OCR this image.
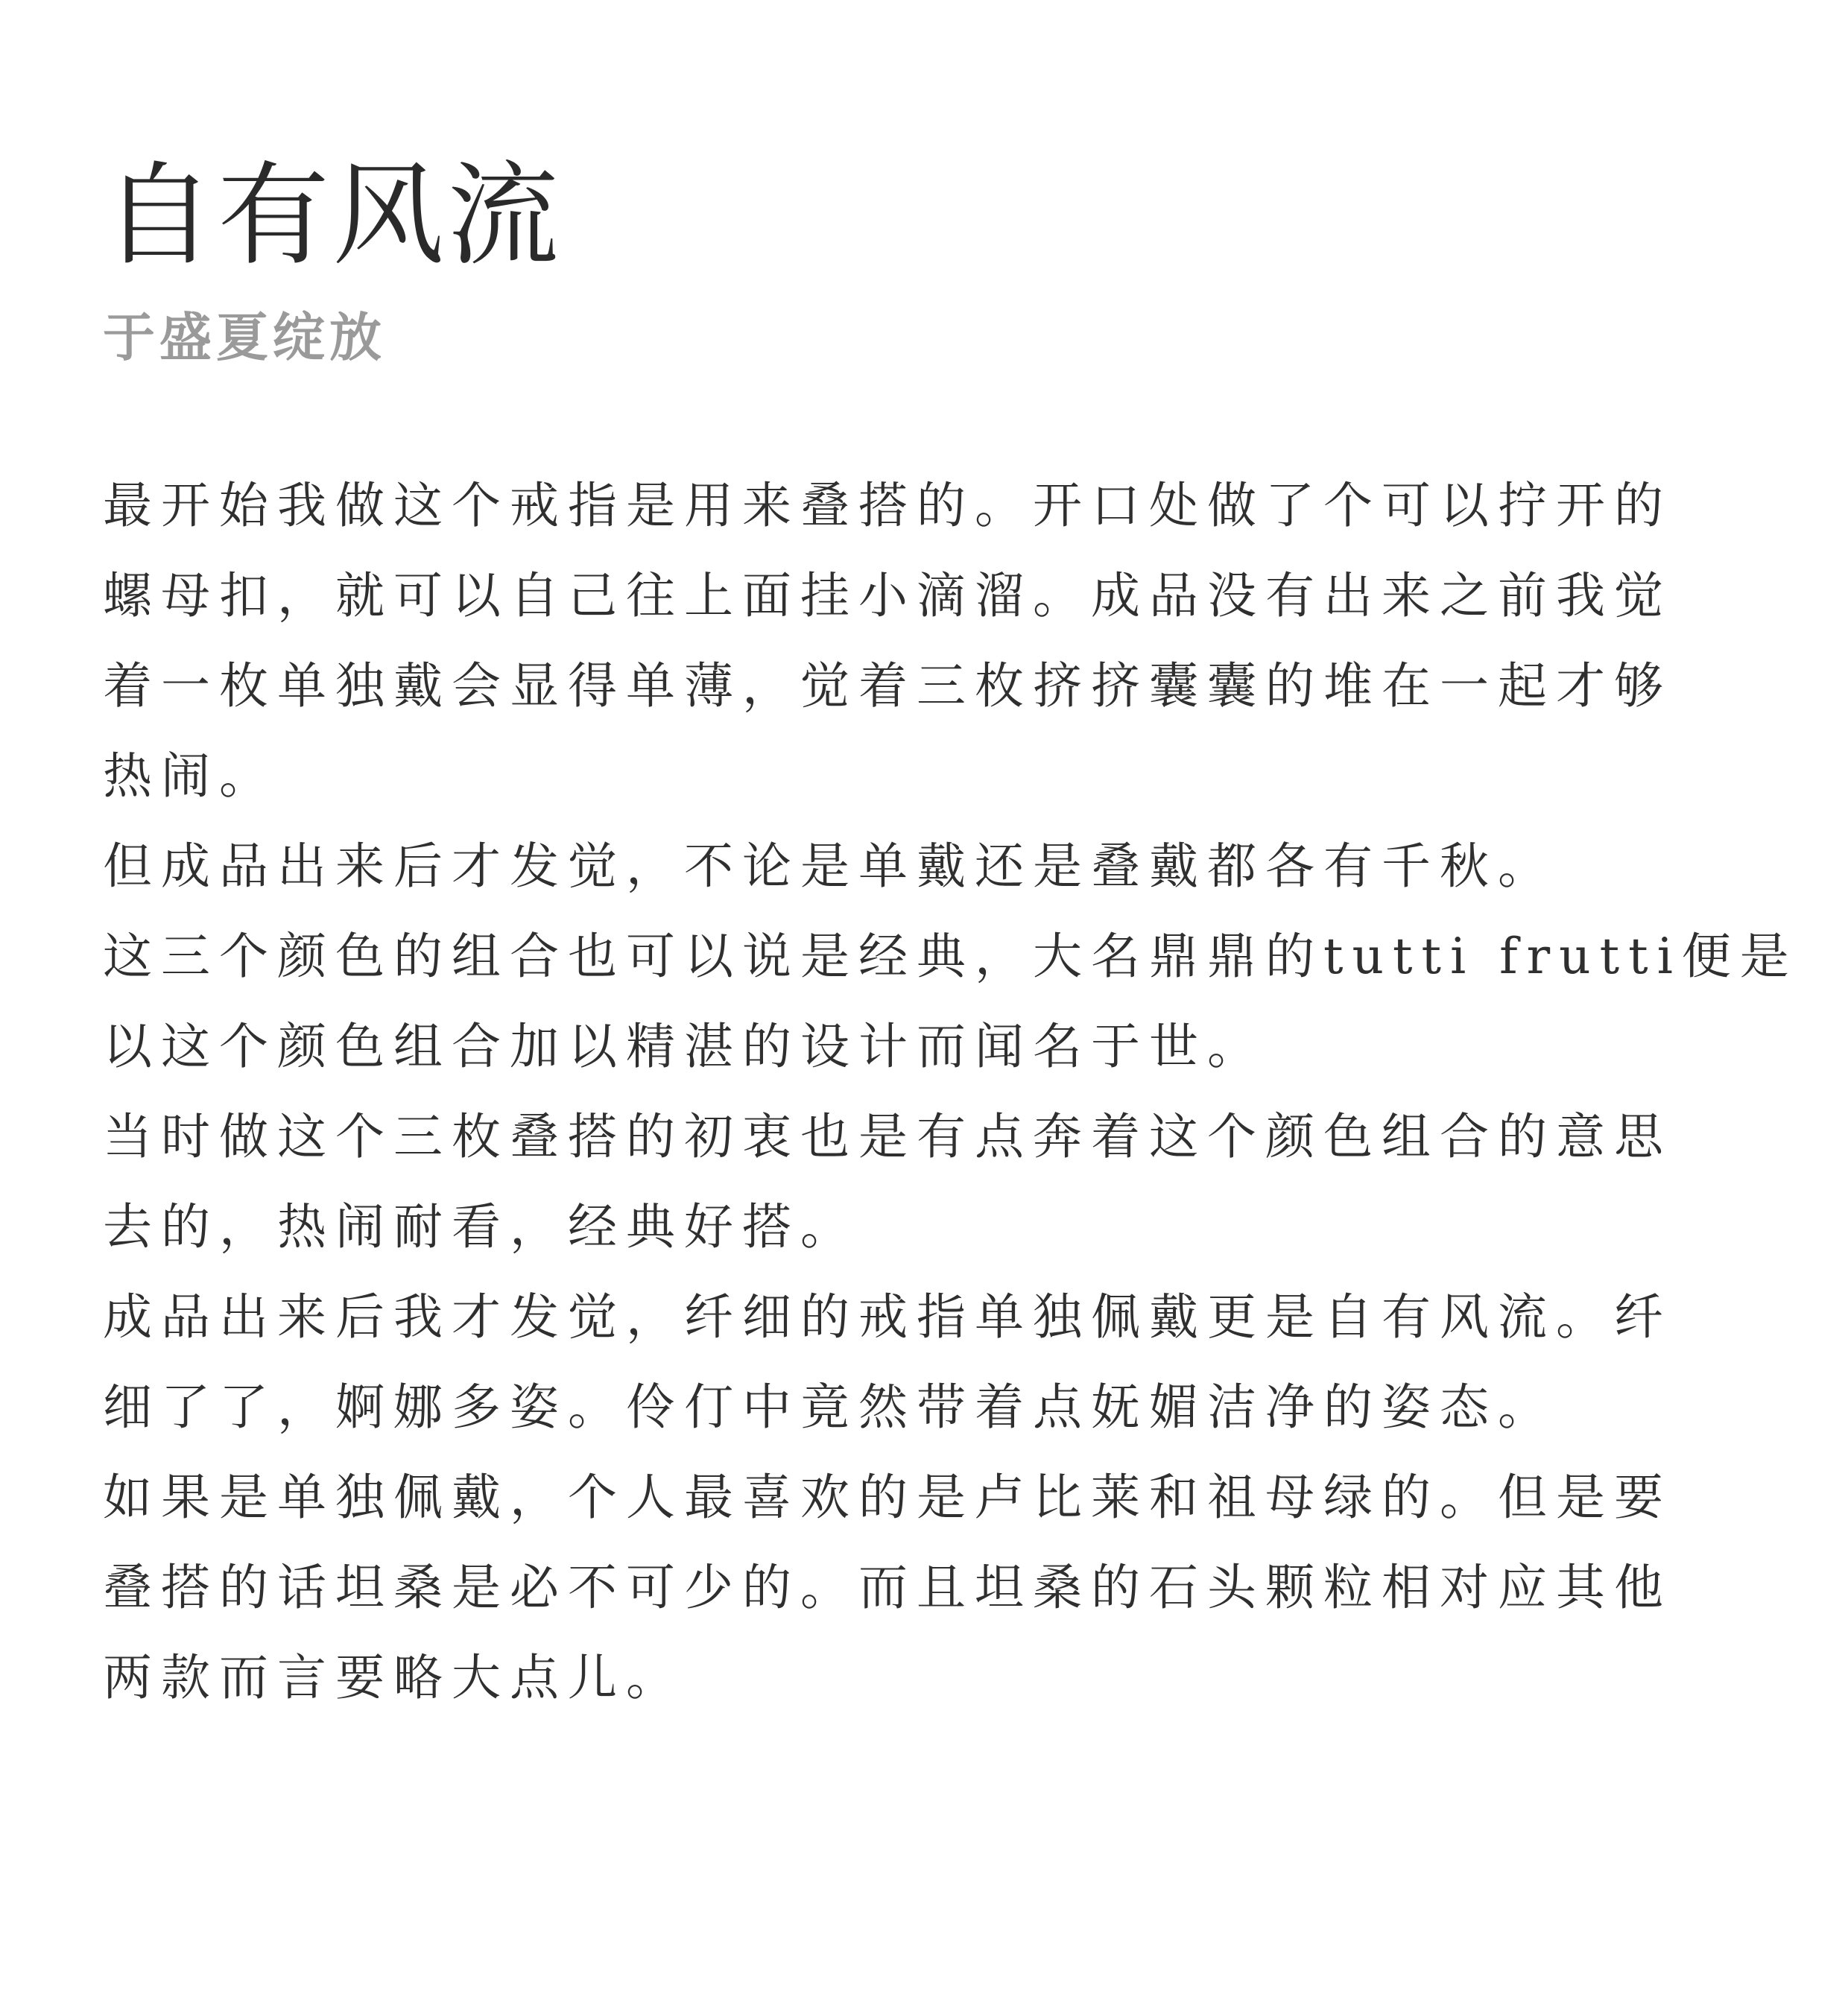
自有风流
于盛夏绽放
最开始我做这个戒指是用来叠搭的。开口处做了个可以拧开的
螺母扣，就可以自己往上面挂小滴溜。成品没有出来之前我觉
着一枚单独戴会显得单薄，觉着三枚挤挤囊囊的堆在一起才够
热闹。
但成品出来后才发觉，不论是单戴还是叠戴都各有千秋。
这三个颜色的组合也可以说是经典，大名鼎鼎的tutti frutti便是
以这个颜色组合加以精湛的设计而闻名于世。
当时做这个三枚叠搭的初衷也是有点奔着这个颜色组合的意思
去的，热闹耐看，经典好搭。
成品出来后我才发觉，纤细的戒指单独佩戴更是自有风流。纤
细了了，婀娜多姿。伶仃中竟然带着点妩媚洁净的姿态。
如果是单独佩戴，个人最喜欢的是卢比莱和祖母绿的。但是要
叠搭的话坦桑是必不可少的。而且坦桑的石头颗粒相对应其他
两款而言要略大点儿。
